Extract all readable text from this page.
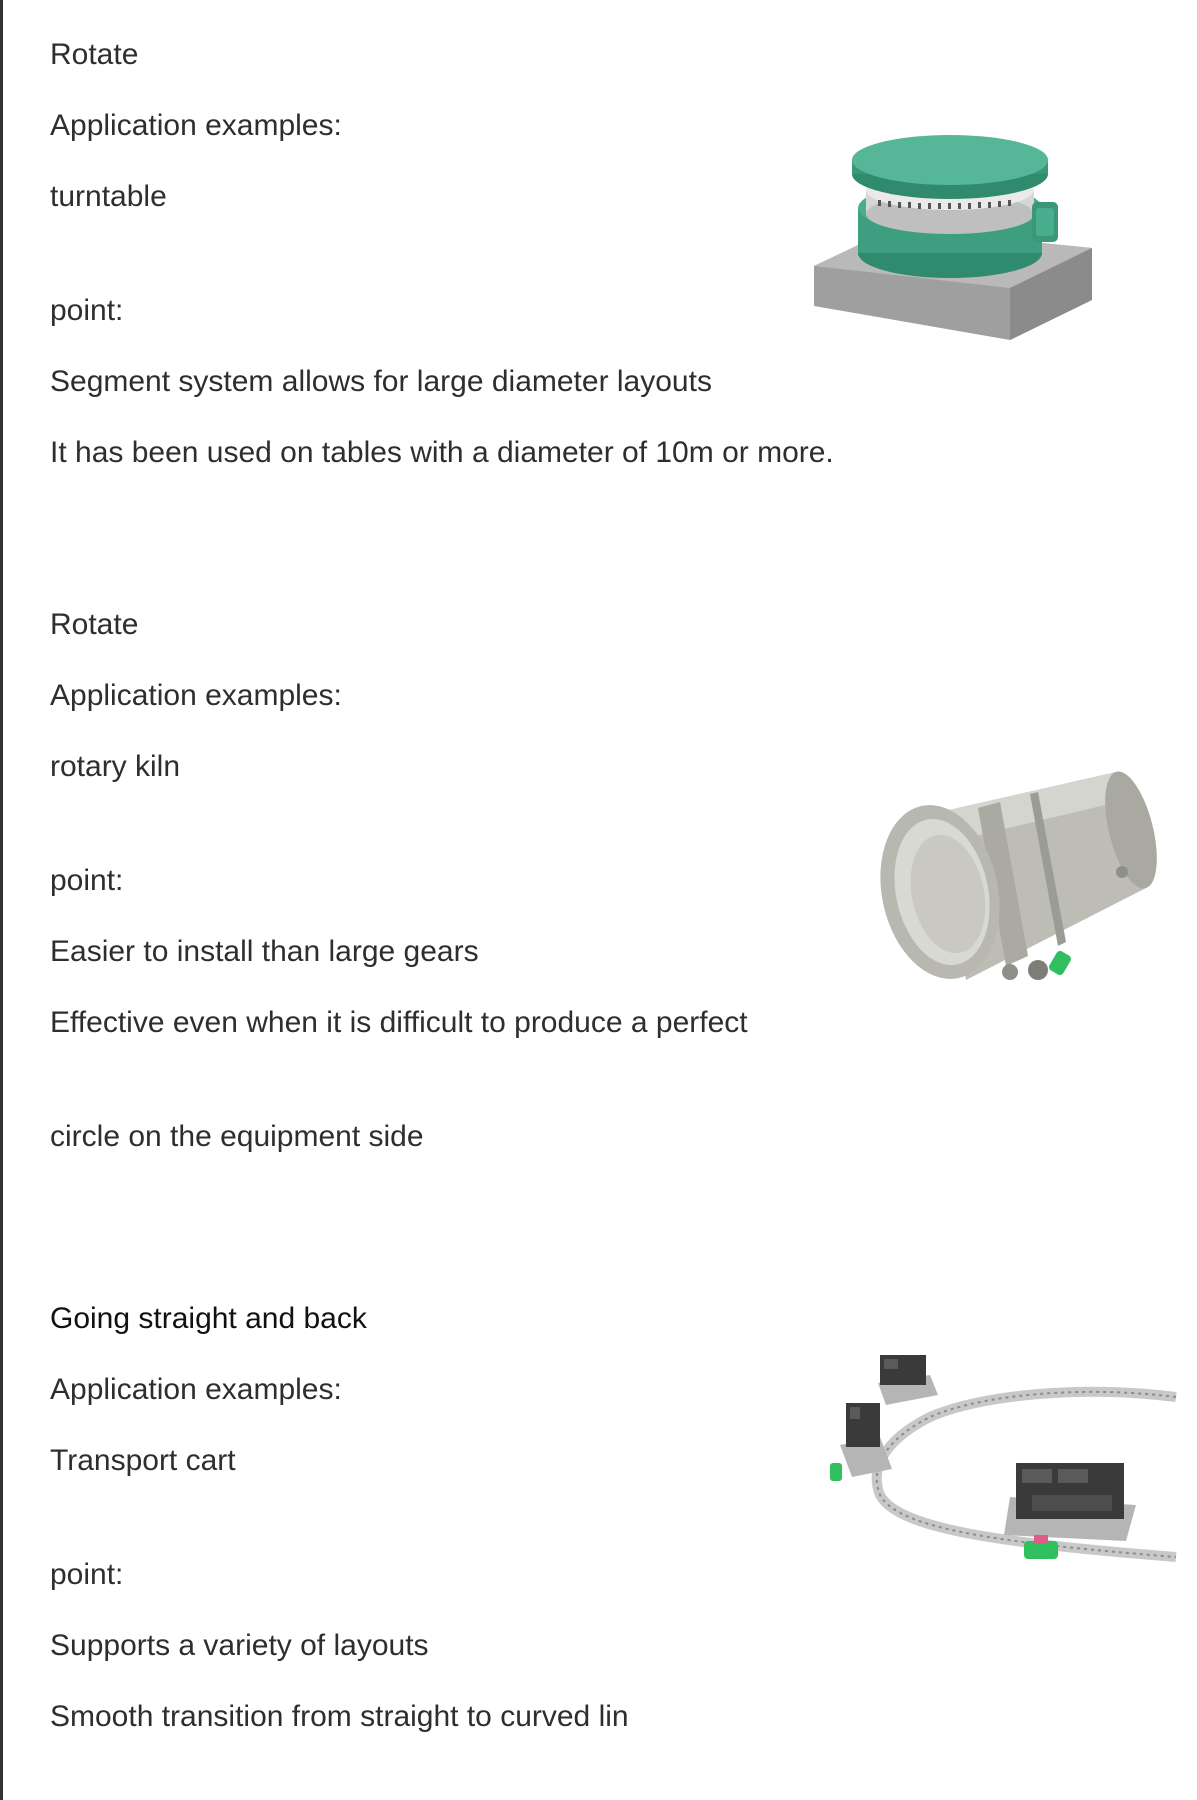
Rotate
Application examples:
turntable
point:
Segment system allows for large diameter layouts
It has been used on tables with a diameter of 10m or more.
Rotate
Application examples:
rotary kiln
point:
Easier to install than large gears
Effective even when it is difficult to produce a perfect
circle on the equipment side
Going straight and back
Application examples:
Transport cart
point:
Supports a variety of layouts
Smooth transition from straight to curved lin
